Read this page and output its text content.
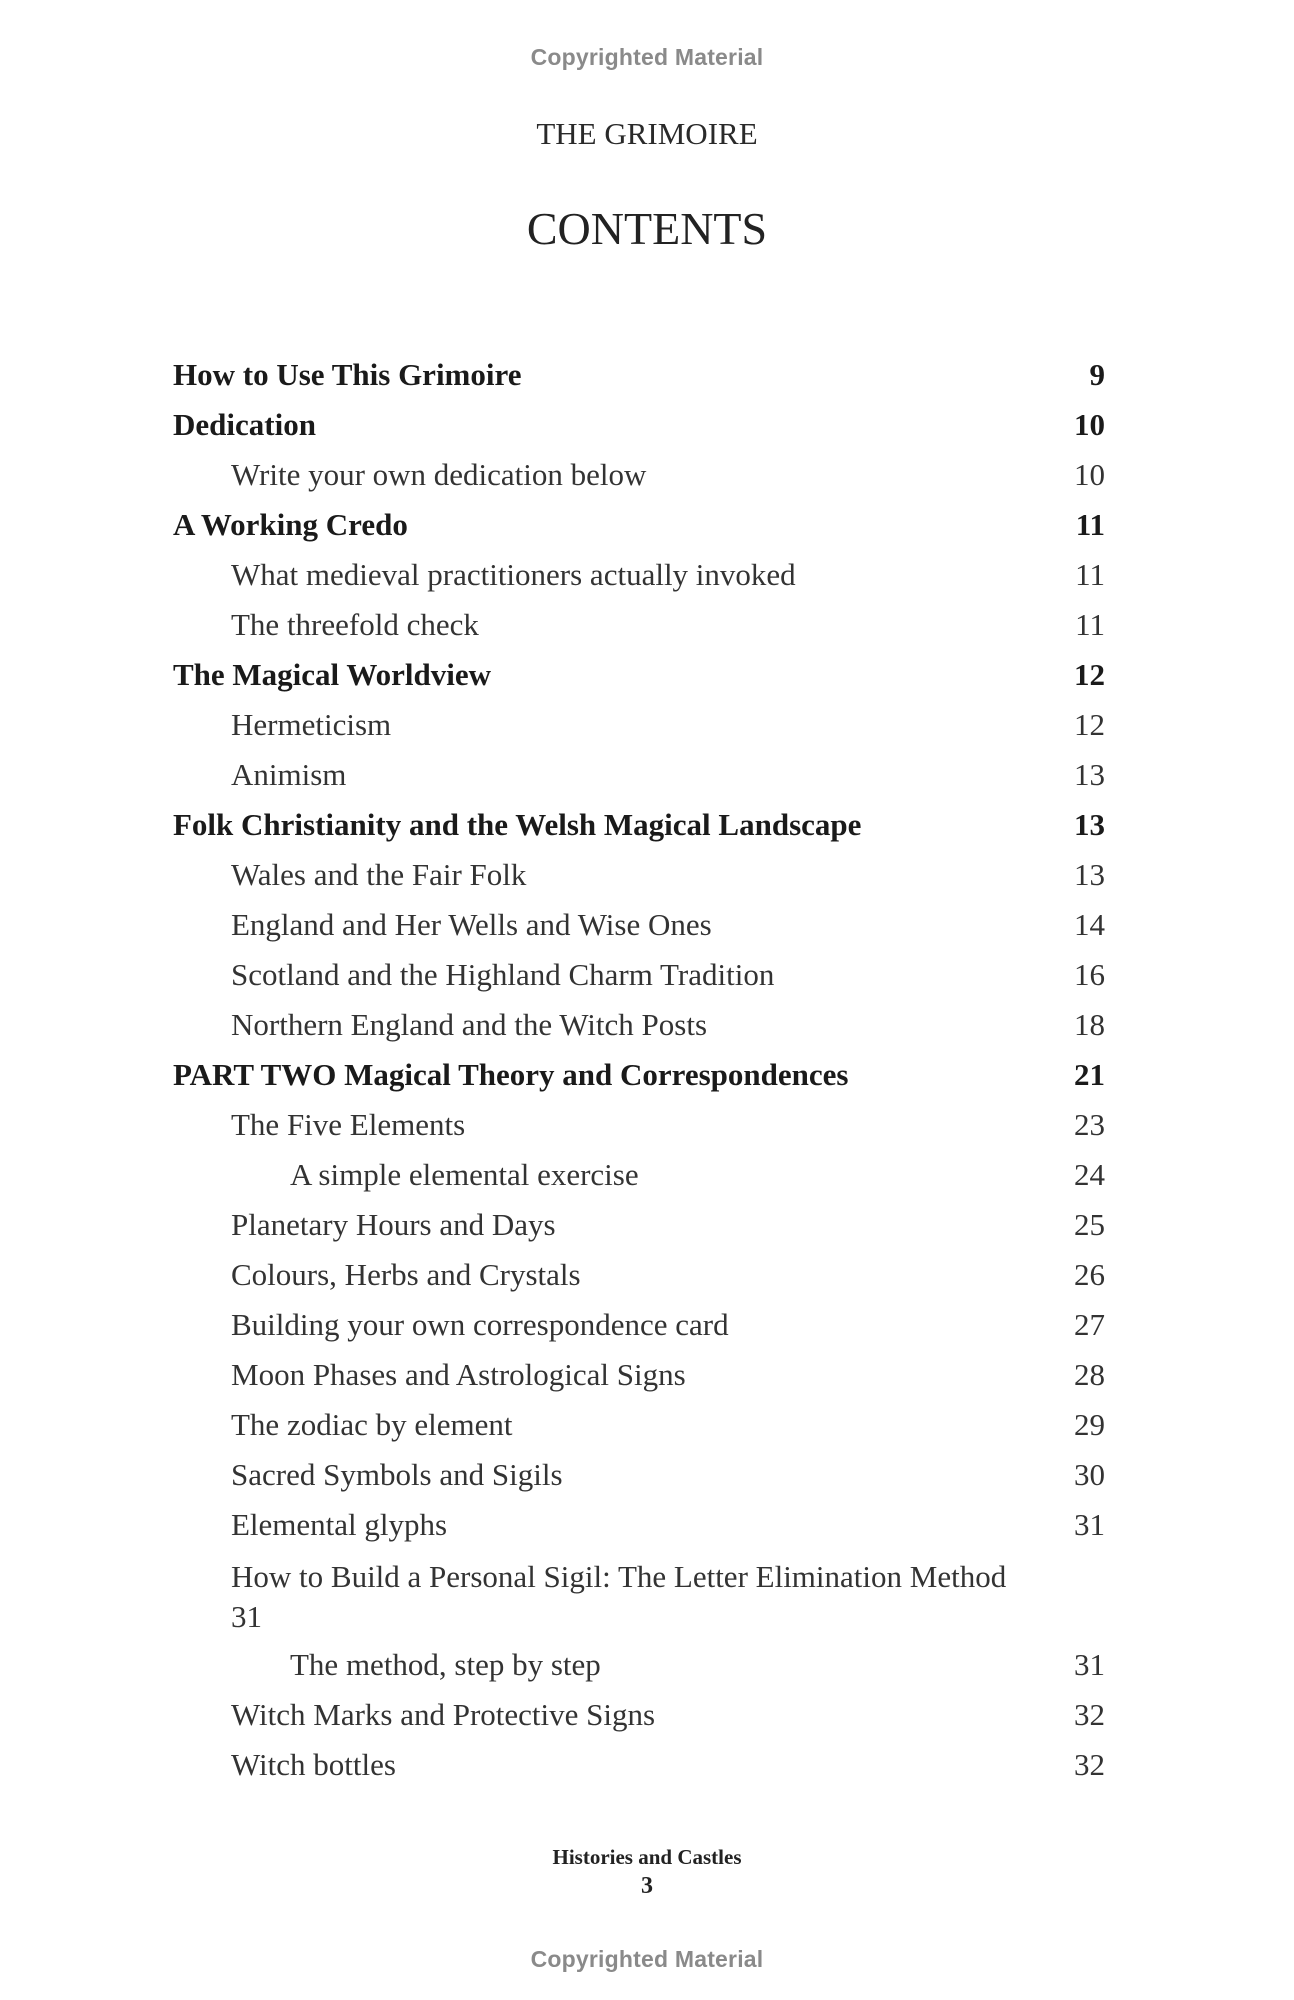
Copyrighted Material
THE GRIMOIRE
CONTENTS
How to Use This Grimoire	9
Dedication	10
Write your own dedication below	10
A Working Credo	11
What medieval practitioners actually invoked	11
The threefold check	11
The Magical Worldview	12
Hermeticism	12
Animism	13
Folk Christianity and the Welsh Magical Landscape	13
Wales and the Fair Folk	13
England and Her Wells and Wise Ones	14
Scotland and the Highland Charm Tradition	16
Northern England and the Witch Posts	18
PART TWO Magical Theory and Correspondences	21
The Five Elements	23
A simple elemental exercise	24
Planetary Hours and Days	25
Colours, Herbs and Crystals	26
Building your own correspondence card	27
Moon Phases and Astrological Signs	28
The zodiac by element	29
Sacred Symbols and Sigils	30
Elemental glyphs	31
How to Build a Personal Sigil: The Letter Elimination Method
31
The method, step by step	31
Witch Marks and Protective Signs	32
Witch bottles	32
Histories and Castles
3
Copyrighted Material
